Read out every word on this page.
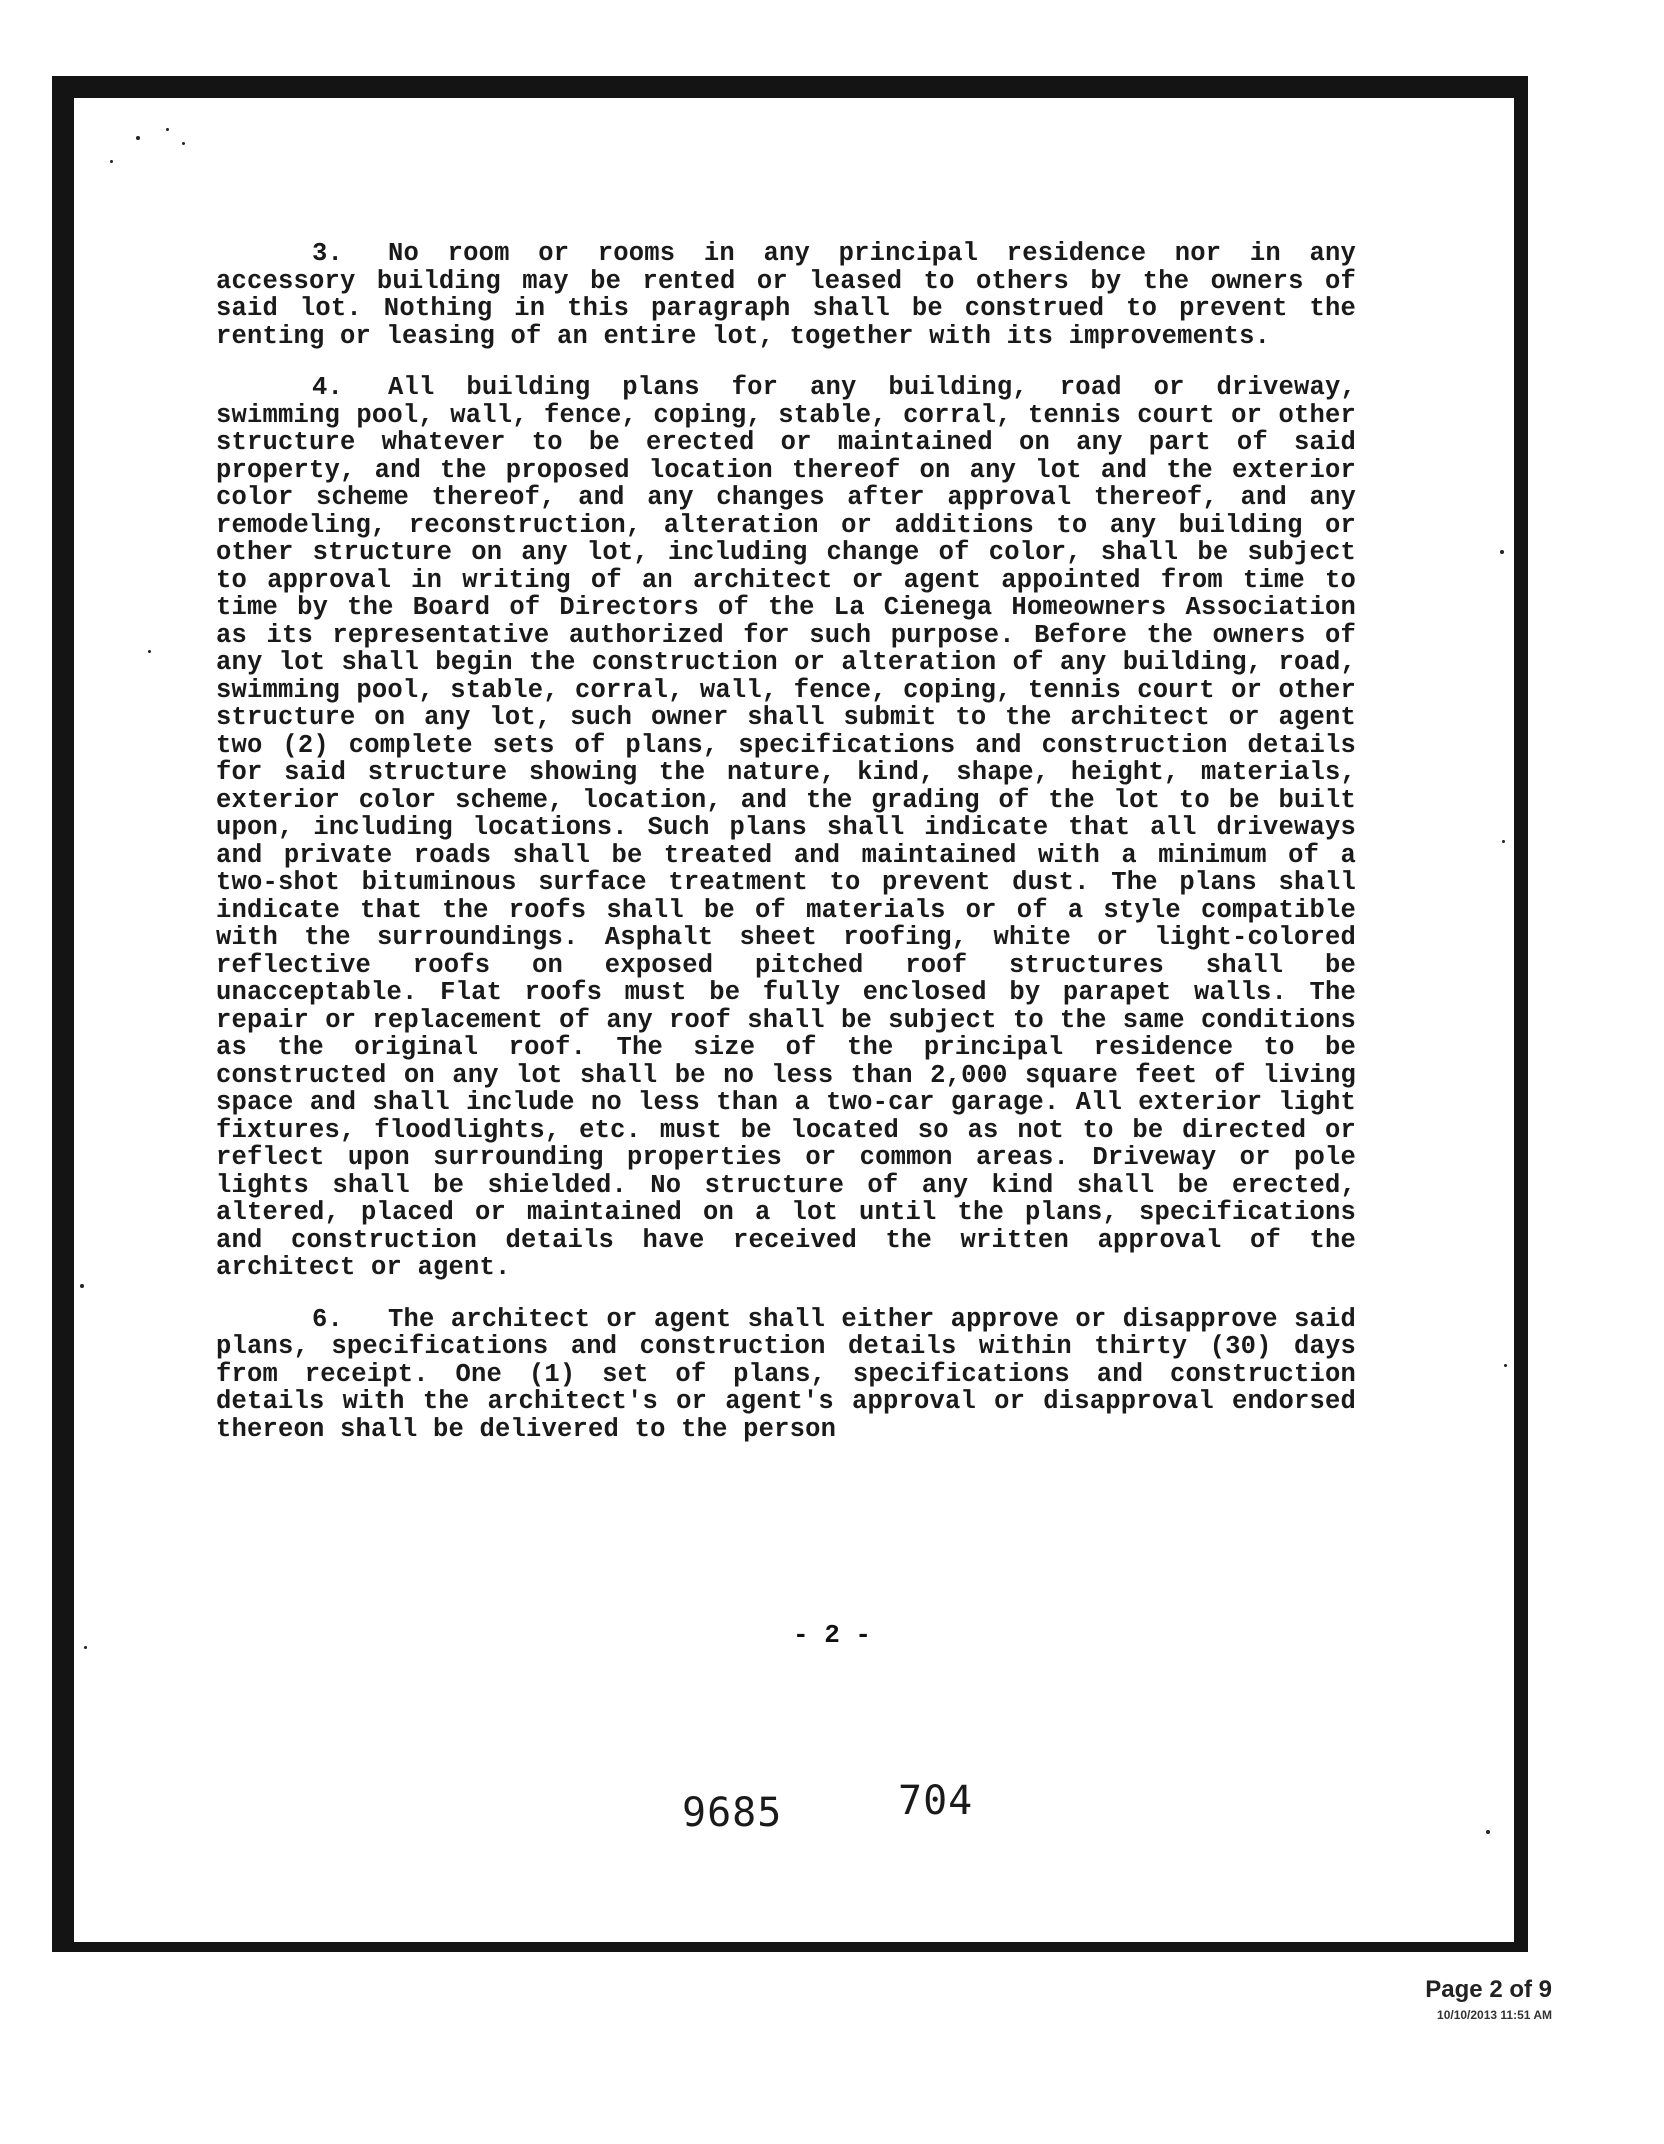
3. No room or rooms in any principal residence nor in any accessory building may be rented or leased to others by the owners of said lot. Nothing in this paragraph shall be construed to prevent the renting or leasing of an entire lot, together with its improvements.

4. All building plans for any building, road or driveway, swimming pool, wall, fence, coping, stable, corral, tennis court or other structure whatever to be erected or maintained on any part of said property, and the proposed location thereof on any lot and the exterior color scheme thereof, and any changes after approval thereof, and any remodeling, reconstruction, alteration or additions to any building or other structure on any lot, including change of color, shall be subject to approval in writing of an architect or agent appointed from time to time by the Board of Directors of the La Cienega Homeowners Association as its representative authorized for such purpose. Before the owners of any lot shall begin the construction or alteration of any building, road, swimming pool, stable, corral, wall, fence, coping, tennis court or other structure on any lot, such owner shall submit to the architect or agent two (2) complete sets of plans, specifications and construction details for said structure showing the nature, kind, shape, height, materials, exterior color scheme, location, and the grading of the lot to be built upon, including locations. Such plans shall indicate that all driveways and private roads shall be treated and maintained with a minimum of a two-shot bituminous surface treatment to prevent dust. The plans shall indicate that the roofs shall be of materials or of a style compatible with the surroundings. Asphalt sheet roofing, white or light-colored reflective roofs on exposed pitched roof structures shall be unacceptable. Flat roofs must be fully enclosed by parapet walls. The repair or replacement of any roof shall be subject to the same conditions as the original roof. The size of the principal residence to be constructed on any lot shall be no less than 2,000 square feet of living space and shall include no less than a two-car garage. All exterior light fixtures, floodlights, etc. must be located so as not to be directed or reflect upon surrounding properties or common areas. Driveway or pole lights shall be shielded. No structure of any kind shall be erected, altered, placed or maintained on a lot until the plans, specifications and construction details have received the written approval of the architect or agent.

6. The architect or agent shall either approve or disapprove said plans, specifications and construction details within thirty (30) days from receipt. One (1) set of plans, specifications and construction details with the architect's or agent's approval or disapproval endorsed thereon shall be delivered to the person

- 2 -
9685	704
Page 2 of 9
10/10/2013 11:51 AM
